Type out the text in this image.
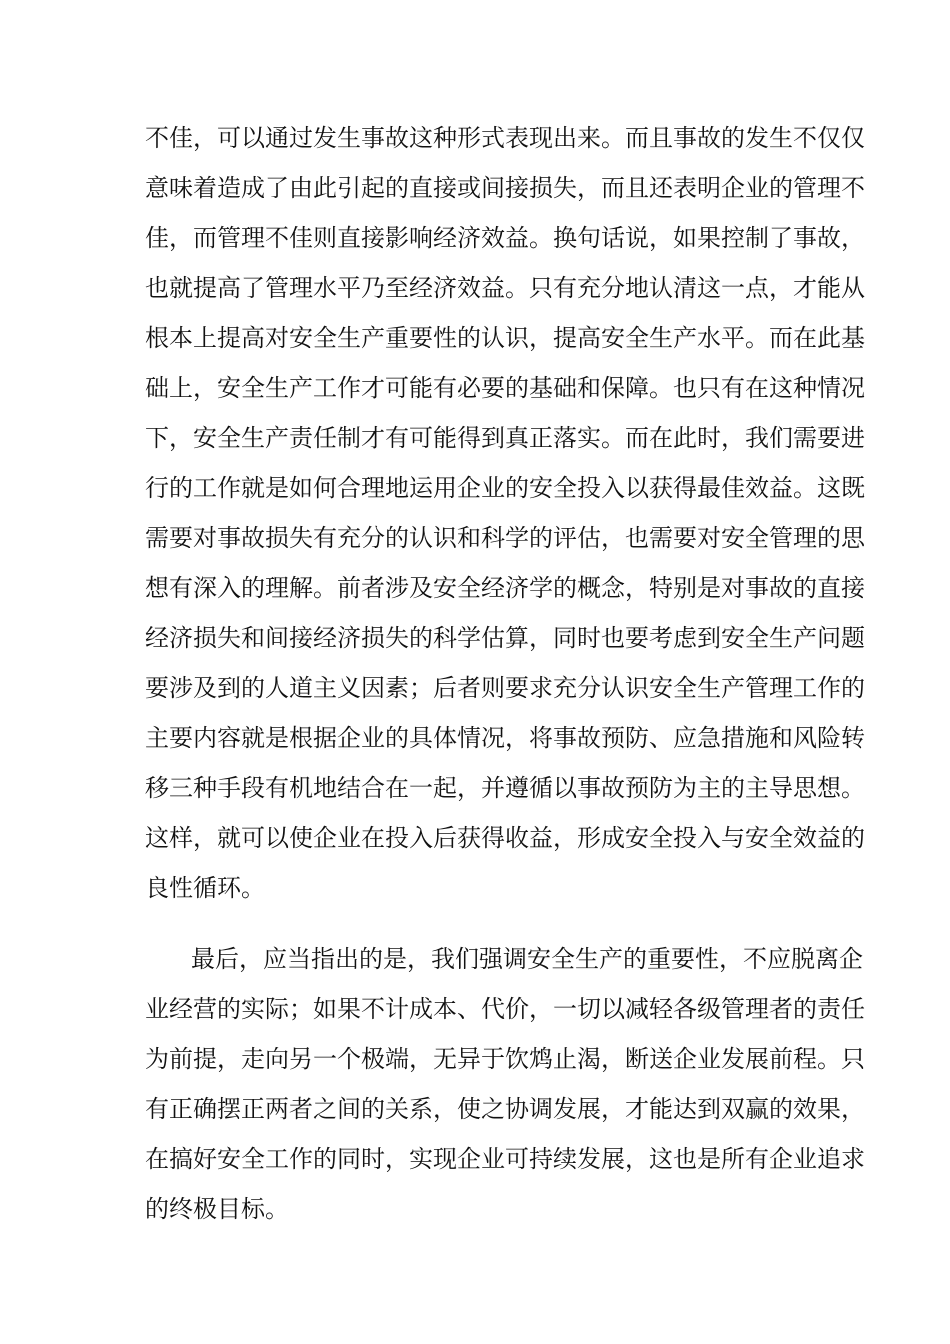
不佳，可以通过发生事故这种形式表现出来。而且事故的发生不仅仅
意味着造成了由此引起的直接或间接损失，而且还表明企业的管理不
佳，而管理不佳则直接影响经济效益。换句话说，如果控制了事故，
也就提高了管理水平乃至经济效益。只有充分地认清这一点，才能从
根本上提高对安全生产重要性的认识，提高安全生产水平。而在此基
础上，安全生产工作才可能有必要的基础和保障。也只有在这种情况
下，安全生产责任制才有可能得到真正落实。而在此时，我们需要进
行的工作就是如何合理地运用企业的安全投入以获得最佳效益。这既
需要对事故损失有充分的认识和科学的评估，也需要对安全管理的思
想有深入的理解。前者涉及安全经济学的概念，特别是对事故的直接
经济损失和间接经济损失的科学估算，同时也要考虑到安全生产问题
要涉及到的人道主义因素；后者则要求充分认识安全生产管理工作的
主要内容就是根据企业的具体情况，将事故预防、应急措施和风险转
移三种手段有机地结合在一起，并遵循以事故预防为主的主导思想。
这样，就可以使企业在投入后获得收益，形成安全投入与安全效益的
良性循环。
最后，应当指出的是，我们强调安全生产的重要性，不应脱离企
业经营的实际；如果不计成本、代价，一切以减轻各级管理者的责任
为前提，走向另一个极端，无异于饮鸩止渴，断送企业发展前程。只
有正确摆正两者之间的关系，使之协调发展，才能达到双赢的效果，
在搞好安全工作的同时，实现企业可持续发展，这也是所有企业追求
的终极目标。
